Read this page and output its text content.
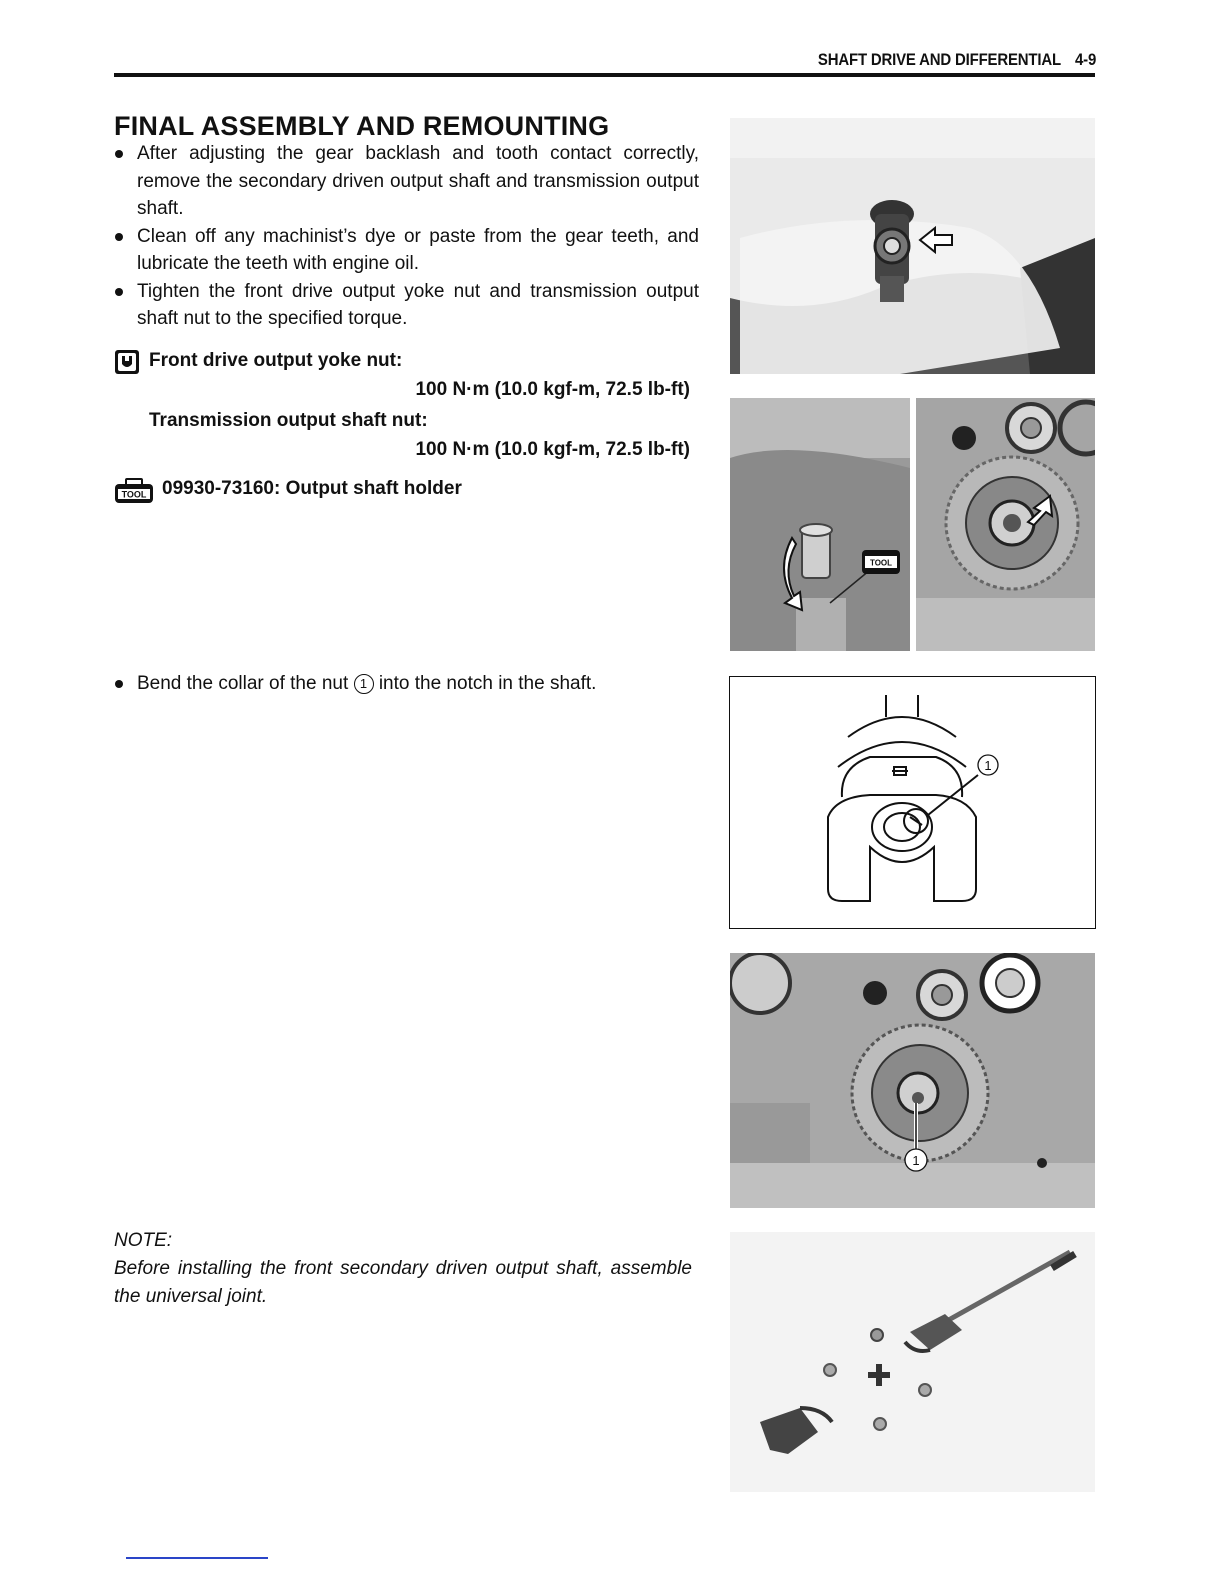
SHAFT DRIVE AND DIFFERENTIAL 4-9
FINAL ASSEMBLY AND REMOUNTING
After adjusting the gear backlash and tooth contact correctly, remove the secondary driven output shaft and transmission output shaft.
Clean off any machinist’s dye or paste from the gear teeth, and lubricate the teeth with engine oil.
Tighten the front drive output yoke nut and transmission output shaft nut to the specified torque.
Front drive output yoke nut:
100 N·m (10.0 kgf-m, 72.5 lb-ft)
Transmission output shaft nut:
100 N·m (10.0 kgf-m, 72.5 lb-ft)
TOOL 09930-73160: Output shaft holder
Bend the collar of the nut 1 into the notch in the shaft.
NOTE:
Before installing the front secondary driven output shaft, assemble the universal joint.
TOOL
1
1
